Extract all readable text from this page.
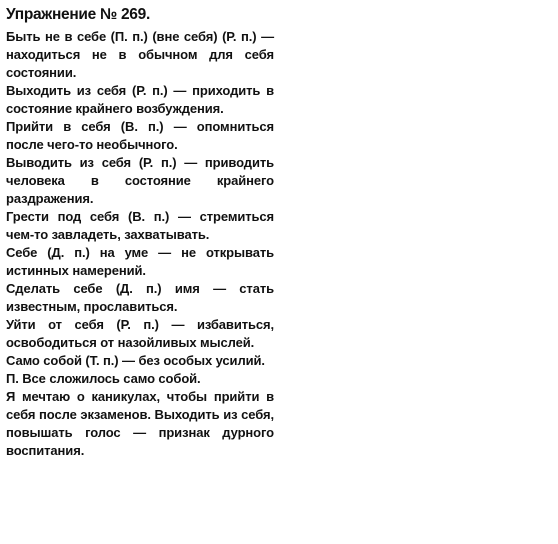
Упражнение № 269.

Быть не в себе (П. п.) (вне себя) (Р. п.) — находиться не в обычном для себя состоянии.

Выходить из себя (Р. п.) — приходить в состояние крайнего возбуждения.

Прийти в себя (В. п.) — опомниться после чего-то необычного.

Выводить из себя (Р. п.) — приводить человека в состояние крайнего раздражения.

Грести под себя (В. п.) — стремиться чем-то завладеть, захватывать.

Себе (Д. п.) на уме — не открывать истинных намерений.

Сделать себе (Д. п.) имя — стать известным, прославиться.

Уйти от себя (Р. п.) — избавиться, освободиться от назойливых мыслей.

Само собой (Т. п.) — без особых усилий.

П. Все сложилось само собой.

Я мечтаю о каникулах, чтобы прийти в себя после экзаменов. Выходить из себя, повышать голос — признак дурного воспитания.
